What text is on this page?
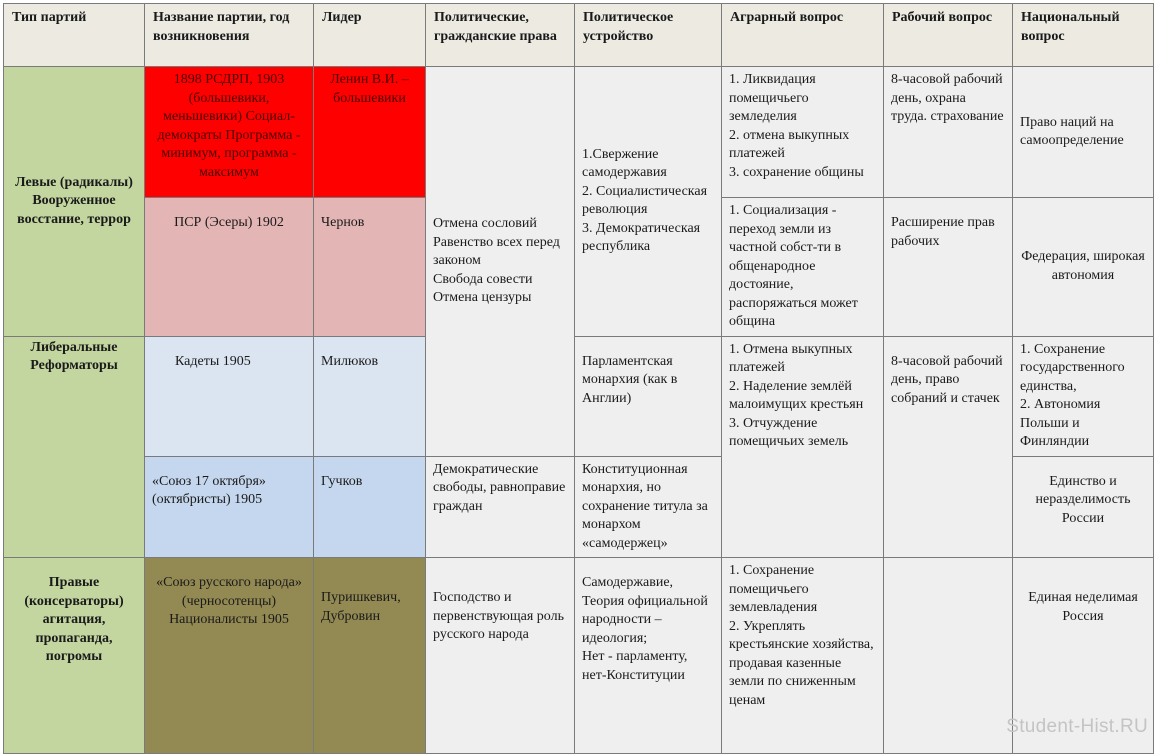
Тип партий	Название партии, год возникновения	Лидер	Политические, гражданские права	Политическое устройство	Аграрный вопрос	Рабочий вопрос	Национальный вопрос
Левые (радикалы) Вооруженное восстание, террор	1898 РСДРП, 1903 (большевики, меньшевики) Социал-демократы Программа - минимум, программа - максимум	Ленин В.И. – большевики	Отмена сословий
Равенство всех перед законом
Свобода совести
Отмена цензуры	1.Свержение самодержавия
2. Социалистическая революция
3. Демократическая республика	1. Ликвидация помещичьего земледелия
2. отмена выкупных платежей
3. сохранение общины	8-часовой рабочий день, охрана труда. страхование	Право наций на самоопределение
	ПСР (Эсеры) 1902	Чернов			1. Социализация - переход земли из частной собст-ти в общенародное достояние, распоряжаться может община	Расширение прав рабочих	Федерация, широкая автономия
Либеральные Реформаторы	Кадеты 1905	Милюков		Парламентская монархия (как в Англии)	1. Отмена выкупных платежей
2. Наделение землёй малоимущих крестьян
3. Отчуждение помещичьих земель	8-часовой рабочий день, право собраний и стачек	1. Сохранение государственного единства,
2. Автономия Польши и Финляндии
	«Союз 17 октября» (октябристы) 1905	Гучков	Демократические свободы, равноправие граждан	Конституционная монархия, но сохранение титула за монархом «самодержец»			Единство и неразделимость России
Правые (консерваторы) агитация, пропаганда, погромы	«Союз русского народа» (черносотенцы) Националисты 1905	Пуришкевич, Дубровин	Господство и первенствующая роль русского народа	Самодержавие, Теория официальной народности – идеология;
Нет - парламенту, нет-Конституции	1. Сохранение помещичьего землевладения
2. Укреплять крестьянские хозяйства, продавая казенные земли по сниженным ценам		Единая неделимая Россия
Student-Hist.RU
